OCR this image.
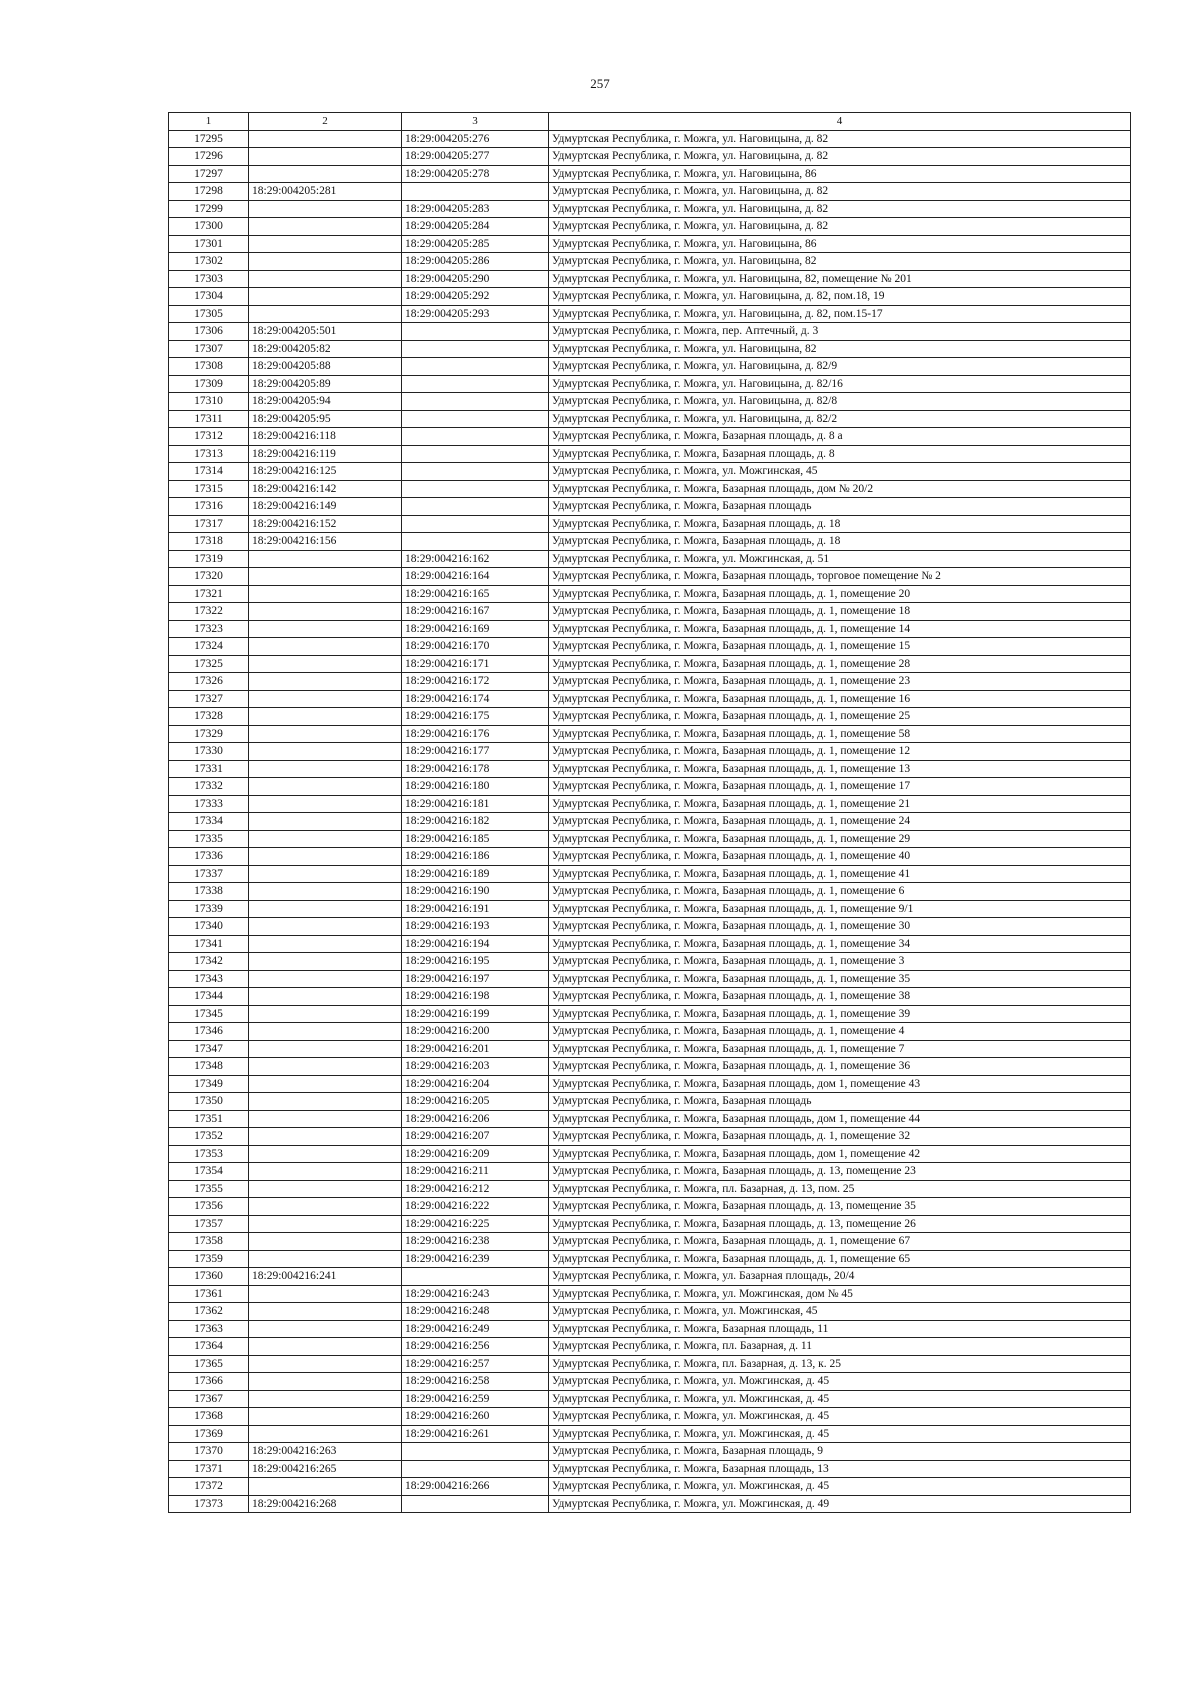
257
1	2	3	4
17295		18:29:004205:276	Удмуртская Республика, г. Можга, ул. Наговицына, д. 82
17296		18:29:004205:277	Удмуртская Республика, г. Можга, ул. Наговицына, д. 82
17297		18:29:004205:278	Удмуртская Республика, г. Можга, ул. Наговицына, 86
17298	18:29:004205:281		Удмуртская Республика, г. Можга, ул. Наговицына, д. 82
17299		18:29:004205:283	Удмуртская Республика, г. Можга, ул. Наговицына, д. 82
17300		18:29:004205:284	Удмуртская Республика, г. Можга, ул. Наговицына, д. 82
17301		18:29:004205:285	Удмуртская Республика, г. Можга, ул. Наговицына, 86
17302		18:29:004205:286	Удмуртская Республика, г. Можга, ул. Наговицына, 82
17303		18:29:004205:290	Удмуртская Республика, г. Можга, ул. Наговицына, 82, помещение № 201
17304		18:29:004205:292	Удмуртская Республика, г. Можга, ул. Наговицына, д. 82, пом.18, 19
17305		18:29:004205:293	Удмуртская Республика, г. Можга, ул. Наговицына, д. 82, пом.15-17
17306	18:29:004205:501		Удмуртская Республика, г. Можга, пер. Аптечный, д. 3
17307	18:29:004205:82		Удмуртская Республика, г. Можга, ул. Наговицына, 82
17308	18:29:004205:88		Удмуртская Республика, г. Можга, ул. Наговицына, д. 82/9
17309	18:29:004205:89		Удмуртская Республика, г. Можга, ул. Наговицына, д. 82/16
17310	18:29:004205:94		Удмуртская Республика, г. Можга, ул. Наговицына, д. 82/8
17311	18:29:004205:95		Удмуртская Республика, г. Можга, ул. Наговицына, д. 82/2
17312	18:29:004216:118		Удмуртская Республика, г. Можга, Базарная площадь, д. 8 а
17313	18:29:004216:119		Удмуртская Республика, г. Можга, Базарная площадь, д. 8
17314	18:29:004216:125		Удмуртская Республика, г. Можга, ул. Можгинская, 45
17315	18:29:004216:142		Удмуртская Республика, г. Можга, Базарная площадь, дом № 20/2
17316	18:29:004216:149		Удмуртская Республика, г. Можга, Базарная площадь
17317	18:29:004216:152		Удмуртская Республика, г. Можга, Базарная площадь, д. 18
17318	18:29:004216:156		Удмуртская Республика, г. Можга, Базарная площадь, д. 18
17319		18:29:004216:162	Удмуртская Республика, г. Можга, ул. Можгинская, д. 51
17320		18:29:004216:164	Удмуртская Республика, г. Можга, Базарная площадь, торговое помещение № 2
17321		18:29:004216:165	Удмуртская Республика, г. Можга, Базарная площадь, д. 1, помещение 20
17322		18:29:004216:167	Удмуртская Республика, г. Можга, Базарная площадь, д. 1, помещение 18
17323		18:29:004216:169	Удмуртская Республика, г. Можга, Базарная площадь, д. 1, помещение 14
17324		18:29:004216:170	Удмуртская Республика, г. Можга, Базарная площадь, д. 1, помещение 15
17325		18:29:004216:171	Удмуртская Республика, г. Можга, Базарная площадь, д. 1, помещение 28
17326		18:29:004216:172	Удмуртская Республика, г. Можга, Базарная площадь, д. 1, помещение 23
17327		18:29:004216:174	Удмуртская Республика, г. Можга, Базарная площадь, д. 1, помещение 16
17328		18:29:004216:175	Удмуртская Республика, г. Можга, Базарная площадь, д. 1, помещение 25
17329		18:29:004216:176	Удмуртская Республика, г. Можга, Базарная площадь, д. 1, помещение 58
17330		18:29:004216:177	Удмуртская Республика, г. Можга, Базарная площадь, д. 1, помещение 12
17331		18:29:004216:178	Удмуртская Республика, г. Можга, Базарная площадь, д. 1, помещение 13
17332		18:29:004216:180	Удмуртская Республика, г. Можга, Базарная площадь, д. 1, помещение 17
17333		18:29:004216:181	Удмуртская Республика, г. Можга, Базарная площадь, д. 1, помещение 21
17334		18:29:004216:182	Удмуртская Республика, г. Можга, Базарная площадь, д. 1, помещение 24
17335		18:29:004216:185	Удмуртская Республика, г. Можга, Базарная площадь, д. 1, помещение 29
17336		18:29:004216:186	Удмуртская Республика, г. Можга, Базарная площадь, д. 1, помещение 40
17337		18:29:004216:189	Удмуртская Республика, г. Можга, Базарная площадь, д. 1, помещение 41
17338		18:29:004216:190	Удмуртская Республика, г. Можга, Базарная площадь, д. 1, помещение 6
17339		18:29:004216:191	Удмуртская Республика, г. Можга, Базарная площадь, д. 1, помещение 9/1
17340		18:29:004216:193	Удмуртская Республика, г. Можга, Базарная площадь, д. 1, помещение 30
17341		18:29:004216:194	Удмуртская Республика, г. Можга, Базарная площадь, д. 1, помещение 34
17342		18:29:004216:195	Удмуртская Республика, г. Можга, Базарная площадь, д. 1, помещение 3
17343		18:29:004216:197	Удмуртская Республика, г. Можга, Базарная площадь, д. 1, помещение 35
17344		18:29:004216:198	Удмуртская Республика, г. Можга, Базарная площадь, д. 1, помещение 38
17345		18:29:004216:199	Удмуртская Республика, г. Можга, Базарная площадь, д. 1, помещение 39
17346		18:29:004216:200	Удмуртская Республика, г. Можга, Базарная площадь, д. 1, помещение 4
17347		18:29:004216:201	Удмуртская Республика, г. Можга, Базарная площадь, д. 1, помещение 7
17348		18:29:004216:203	Удмуртская Республика, г. Можга, Базарная площадь, д. 1, помещение 36
17349		18:29:004216:204	Удмуртская Республика, г. Можга, Базарная площадь, дом 1, помещение 43
17350		18:29:004216:205	Удмуртская Республика, г. Можга, Базарная площадь
17351		18:29:004216:206	Удмуртская Республика, г. Можга, Базарная площадь, дом 1, помещение 44
17352		18:29:004216:207	Удмуртская Республика, г. Можга, Базарная площадь, д. 1, помещение 32
17353		18:29:004216:209	Удмуртская Республика, г. Можга, Базарная площадь, дом 1, помещение 42
17354		18:29:004216:211	Удмуртская Республика, г. Можга, Базарная площадь, д. 13, помещение 23
17355		18:29:004216:212	Удмуртская Республика, г. Можга, пл. Базарная, д. 13, пом. 25
17356		18:29:004216:222	Удмуртская Республика, г. Можга, Базарная площадь, д. 13, помещение 35
17357		18:29:004216:225	Удмуртская Республика, г. Можга, Базарная площадь, д. 13, помещение 26
17358		18:29:004216:238	Удмуртская Республика, г. Можга, Базарная площадь, д. 1, помещение 67
17359		18:29:004216:239	Удмуртская Республика, г. Можга, Базарная площадь, д. 1, помещение 65
17360	18:29:004216:241		Удмуртская Республика, г. Можга, ул. Базарная площадь, 20/4
17361		18:29:004216:243	Удмуртская Республика, г. Можга, ул. Можгинская, дом № 45
17362		18:29:004216:248	Удмуртская Республика, г. Можга, ул. Можгинская, 45
17363		18:29:004216:249	Удмуртская Республика, г. Можга, Базарная площадь, 11
17364		18:29:004216:256	Удмуртская Республика, г. Можга, пл. Базарная, д. 11
17365		18:29:004216:257	Удмуртская Республика, г. Можга, пл. Базарная, д. 13, к. 25
17366		18:29:004216:258	Удмуртская Республика, г. Можга, ул. Можгинская, д. 45
17367		18:29:004216:259	Удмуртская Республика, г. Можга, ул. Можгинская, д. 45
17368		18:29:004216:260	Удмуртская Республика, г. Можга, ул. Можгинская, д. 45
17369		18:29:004216:261	Удмуртская Республика, г. Можга, ул. Можгинская, д. 45
17370	18:29:004216:263		Удмуртская Республика, г. Можга, Базарная площадь, 9
17371	18:29:004216:265		Удмуртская Республика, г. Можга, Базарная площадь, 13
17372		18:29:004216:266	Удмуртская Республика, г. Можга, ул. Можгинская, д. 45
17373	18:29:004216:268		Удмуртская Республика, г. Можга, ул. Можгинская, д. 49
